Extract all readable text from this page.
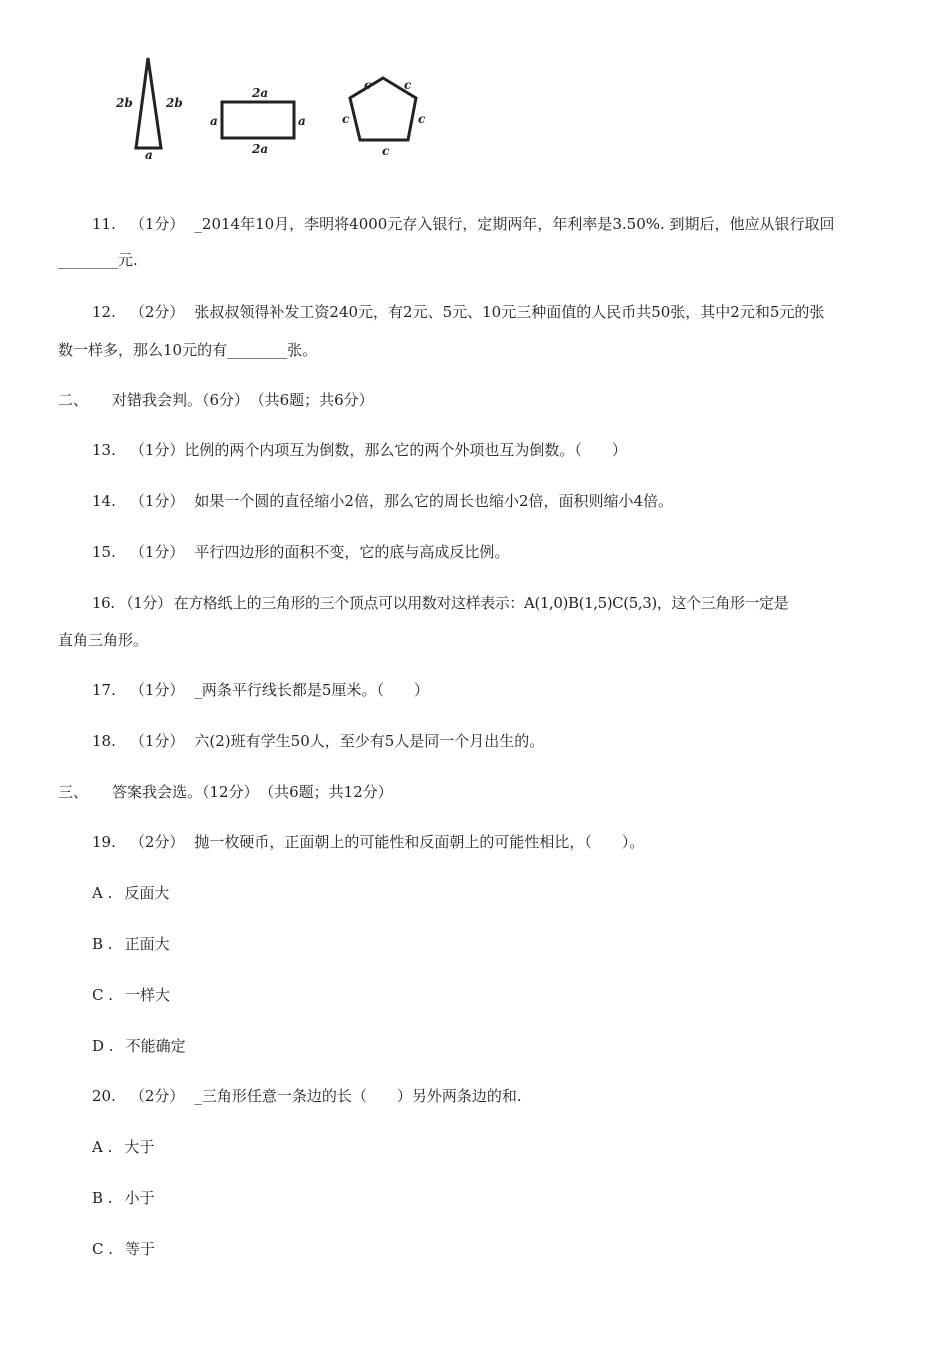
2b	2b
a
2a
2a
a	a
c	c
c	c
c
11. （1分） _2014年10月，李明将4000元存入银行，定期两年，年利率是3.50%. 到期后，他应从银行取回
________元.
12. （2分） 张叔叔领得补发工资240元，有2元、5元、10元三种面值的人民币共50张，其中2元和5元的张
数一样多，那么10元的有________张。
二、 对错我会判。（6分） （共6题；共6分）
13. （1分）比例的两个内项互为倒数，那么它的两个外项也互为倒数。（　　）
14. （1分） 如果一个圆的直径缩小2倍，那么它的周长也缩小2倍，面积则缩小4倍。
15. （1分） 平行四边形的面积不变，它的底与高成反比例。
16. （1分） 在方格纸上的三角形的三个顶点可以用数对这样表示：A(1,0)B(1,5)C(5,3)，这个三角形一定是
直角三角形。
17. （1分） _两条平行线长都是5厘米。（　　）
18. （1分） 六(2)班有学生50人，至少有5人是同一个月出生的。
三、 答案我会选。（12分） （共6题；共12分）
19. （2分） 抛一枚硬币，正面朝上的可能性和反面朝上的可能性相比，（　　）。
A . 反面大
B . 正面大
C . 一样大
D . 不能确定
20. （2分） _三角形任意一条边的长（　　）另外两条边的和.
A . 大于
B . 小于
C . 等于
